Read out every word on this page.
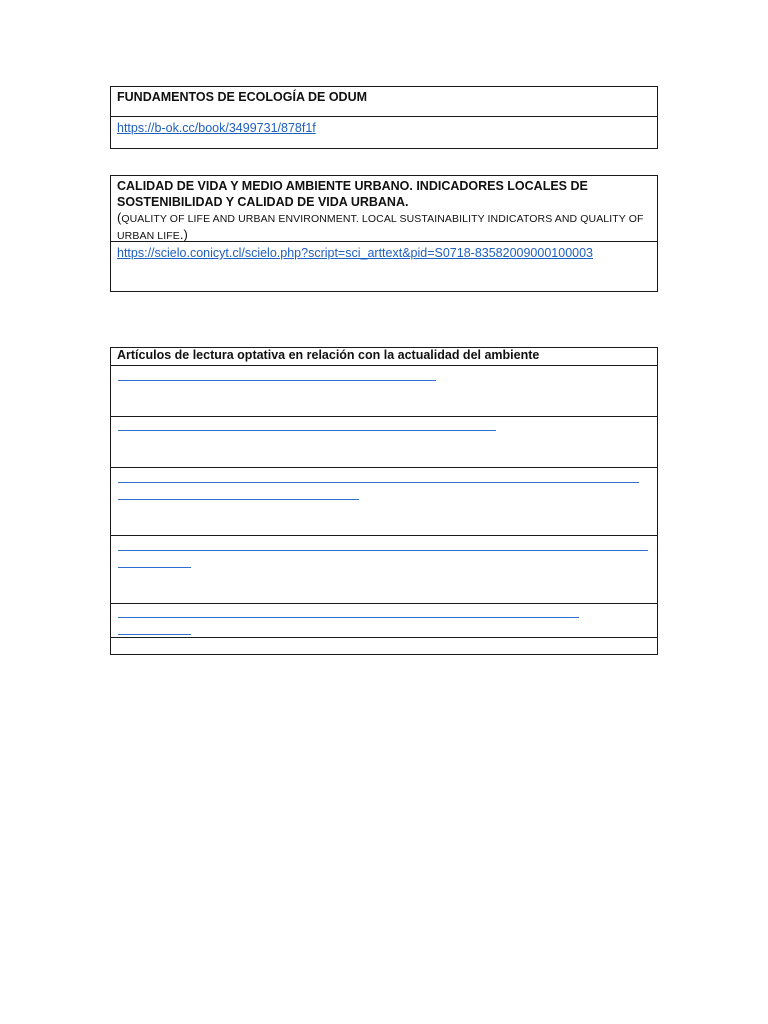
FUNDAMENTOS DE ECOLOGÍA DE ODUM
https://b-ok.cc/book/3499731/878f1f
CALIDAD DE VIDA Y MEDIO AMBIENTE URBANO. INDICADORES LOCALES DE SOSTENIBILIDAD Y CALIDAD DE VIDA URBANA.
(QUALITY OF LIFE AND URBAN ENVIRONMENT. LOCAL SUSTAINABILITY INDICATORS AND QUALITY OF URBAN LIFE.)
https://scielo.conicyt.cl/scielo.php?script=sci_arttext&pid=S0718-83582009000100003
Artículos de lectura optativa en relación con la actualidad del ambiente
